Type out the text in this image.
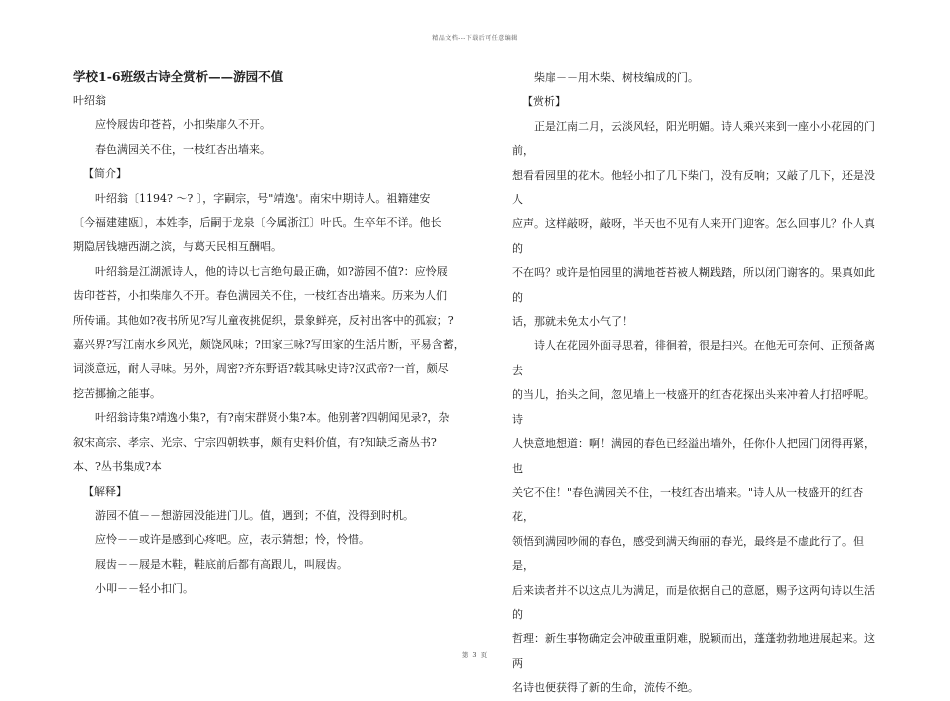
精品文档---下载后可任意编辑
学校1-6班级古诗全赏析——游园不值

叶绍翁

应怜屐齿印苍苔，小扣柴扉久不开。

春色满园关不住，一枝红杏出墙来。

【简介】

叶绍翁〔1194? ～? 〕，字嗣宗，号"靖逸'。南宋中期诗人。祖籍建安

〔今福建建瓯〕，本姓李，后嗣于龙泉〔今属浙江〕叶氏。生卒年不详。他长

期隐居钱塘西湖之滨，与葛天民相互酬唱。

叶绍翁是江湖派诗人，他的诗以七言绝句最正确，如?游园不值?：应怜屐

齿印苍苔，小扣柴扉久不开。春色满园关不住，一枝红杏出墙来。历来为人们

所传诵。其他如?夜书所见?写儿童夜挑促织，景象鲜亮，反衬出客中的孤寂；?

嘉兴界?写江南水乡风光，颇饶风味；?田家三咏?写田家的生活片断，平易含蓄，

词淡意远，耐人寻味。另外，周密?齐东野语?载其咏史诗?汉武帝?一首，颇尽

挖苦挪揄之能事。

叶绍翁诗集?靖逸小集?，有?南宋群贤小集?本。他别著?四朝闻见录?，杂

叙宋高宗、孝宗、光宗、宁宗四朝轶事，颇有史料价值，有?知缺乏斋丛书?

本、?丛书集成?本

【解释】

游园不值－－想游园没能进门儿。值，遇到；不值，没得到时机。

应怜－－或许是感到心疼吧。应，表示猜想；怜，怜惜。

屐齿－－屐是木鞋，鞋底前后都有高跟儿，叫屐齿。

小叩－－轻小扣门。

柴扉－－用木柴、树枝编成的门。

【赏析】

正是江南二月，云淡风轻，阳光明媚。诗人乘兴来到一座小小花园的门前，

想看看园里的花木。他轻小扣了几下柴门，没有反响；又敲了几下，还是没人

应声。这样敲呀，敲呀，半天也不见有人来开门迎客。怎么回事儿？仆人真的

不在吗？或许是怕园里的满地苍苔被人糊践踏，所以闭门谢客的。果真如此的

话，那就未免太小气了！

诗人在花园外面寻思着，徘徊着，很是扫兴。在他无可奈何、正预备离去

的当儿，抬头之间，忽见墙上一枝盛开的红杏花探出头来冲着人打招呼呢。诗

人快意地想道：啊！满园的春色已经溢出墙外，任你仆人把园门闭得再紧，也

关它不住！"春色满园关不住，一枝红杏出墙来。"诗人从一枝盛开的红杏花，

领悟到满园吵闹的春色，感受到满天绚丽的春光，最终是不虚此行了。但是，

后来读者并不以这点儿为满足，而是依据自己的意愿，赐予这两句诗以生活的

哲理：新生事物确定会冲破重重阴难，脱颖而出，蓬蓬勃勃地进展起来。这两

名诗也便获得了新的生命，流传不绝。

第 3 页
